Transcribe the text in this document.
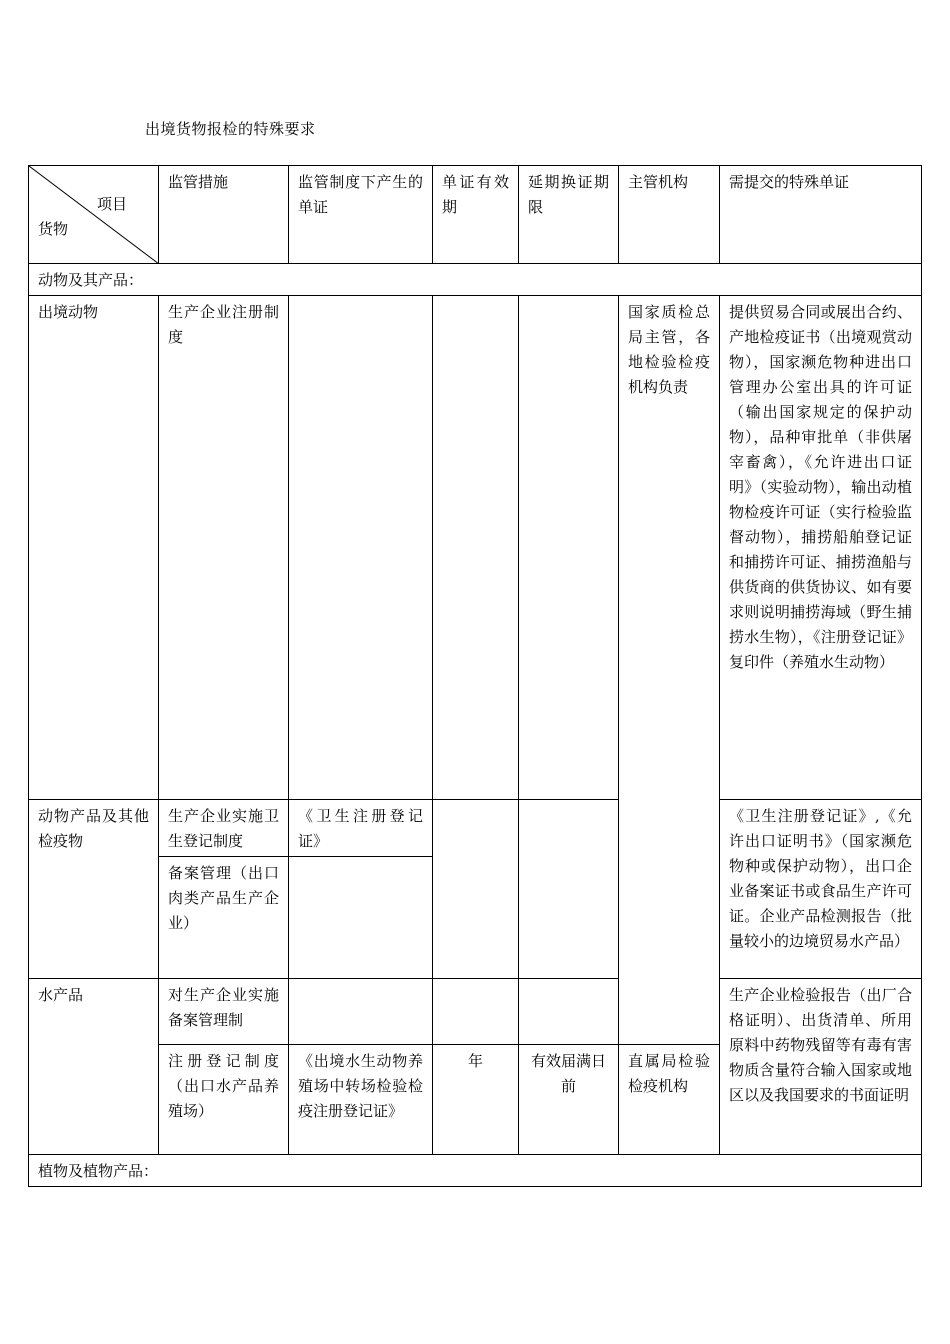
出境货物报检的特殊要求
项目
货物	监管措施	监管制度下产生的单证	单证有效期	延期换证期限	主管机构	需提交的特殊单证
动物及其产品：						
出境动物	生产企业注册制度				国家质检总局主管，各地检验检疫机构负责	提供贸易合同或展出合约、产地检疫证书（出境观赏动物），国家濒危物种进出口管理办公室出具的许可证（输出国家规定的保护动物），品种审批单（非供屠宰畜禽），《允许进出口证明》（实验动物），输出动植物检疫许可证（实行检验监督动物），捕捞船舶登记证和捕捞许可证、捕捞渔船与供货商的供货协议、如有要求则说明捕捞海域（野生捕捞水生物），《注册登记证》复印件（养殖水生动物）
动物产品及其他检疫物	生产企业实施卫生登记制度	《卫生注册登记证》				《卫生注册登记证》,《允许出口证明书》（国家濒危物种或保护动物），出口企业备案证书或食品生产许可证。企业产品检测报告（批量较小的边境贸易水产品）
	备案管理（出口肉类产品生产企业）					
水产品	对生产企业实施备案管理制					生产企业检验报告（出厂合格证明）、出货清单、所用原料中药物残留等有毒有害物质含量符合输入国家或地区以及我国要求的书面证明
	注册登记制度（出口水产品养殖场）	《出境水生动物养殖场中转场检验检疫注册登记证》	年	有效届满日前	直属局检验检疫机构	
植物及植物产品：						
